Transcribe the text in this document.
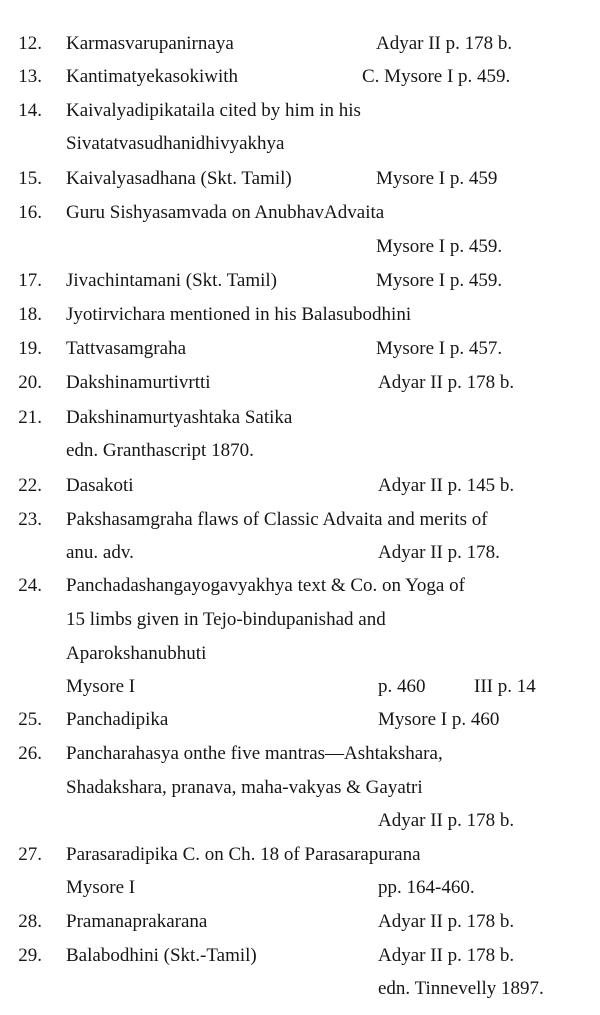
12. Karmasvarupanirnaya	Adyar II p. 178 b.
13. Kantimatyekasokiwith	C. Mysore I p. 459.
14. Kaivalyadipikataila cited by him in his
Sivatatvasudhanidhivyakhya
15. Kaivalyasadhana (Skt. Tamil)	Mysore I p. 459
16. Guru Sishyasamvada on AnubhavAdvaita
Mysore I p. 459.
17. Jivachintamani (Skt. Tamil)	Mysore I p. 459.
18. Jyotirvichara mentioned in his Balasubodhini
19. Tattvasamgraha	Mysore I p. 457.
20. Dakshinamurtivrtti	Adyar II p. 178 b.
21. Dakshinamurtyashtaka Satika
edn. Granthascript 1870.
22. Dasakoti	Adyar II p. 145 b.
23. Pakshasamgraha flaws of Classic Advaita and merits of
anu. adv.	Adyar II p. 178.
24. Panchadashangayogavyakhya text & Co. on Yoga of
15 limbs given in Tejo-bindupanishad and
Aparokshanubhuti
Mysore I	p. 460	III p. 14
25. Panchadipika	Mysore I p. 460
26. Pancharahasya onthe five mantras—Ashtakshara,
Shadakshara, pranava, maha-vakyas & Gayatri
Adyar II p. 178 b.
27. Parasaradipika C. on Ch. 18 of Parasarapurana
Mysore I	pp. 164-460.
28. Pramanaprakarana	Adyar II p. 178 b.
29. Balabodhini (Skt.-Tamil)	Adyar II p. 178 b.
edn. Tinnevelly 1897.
